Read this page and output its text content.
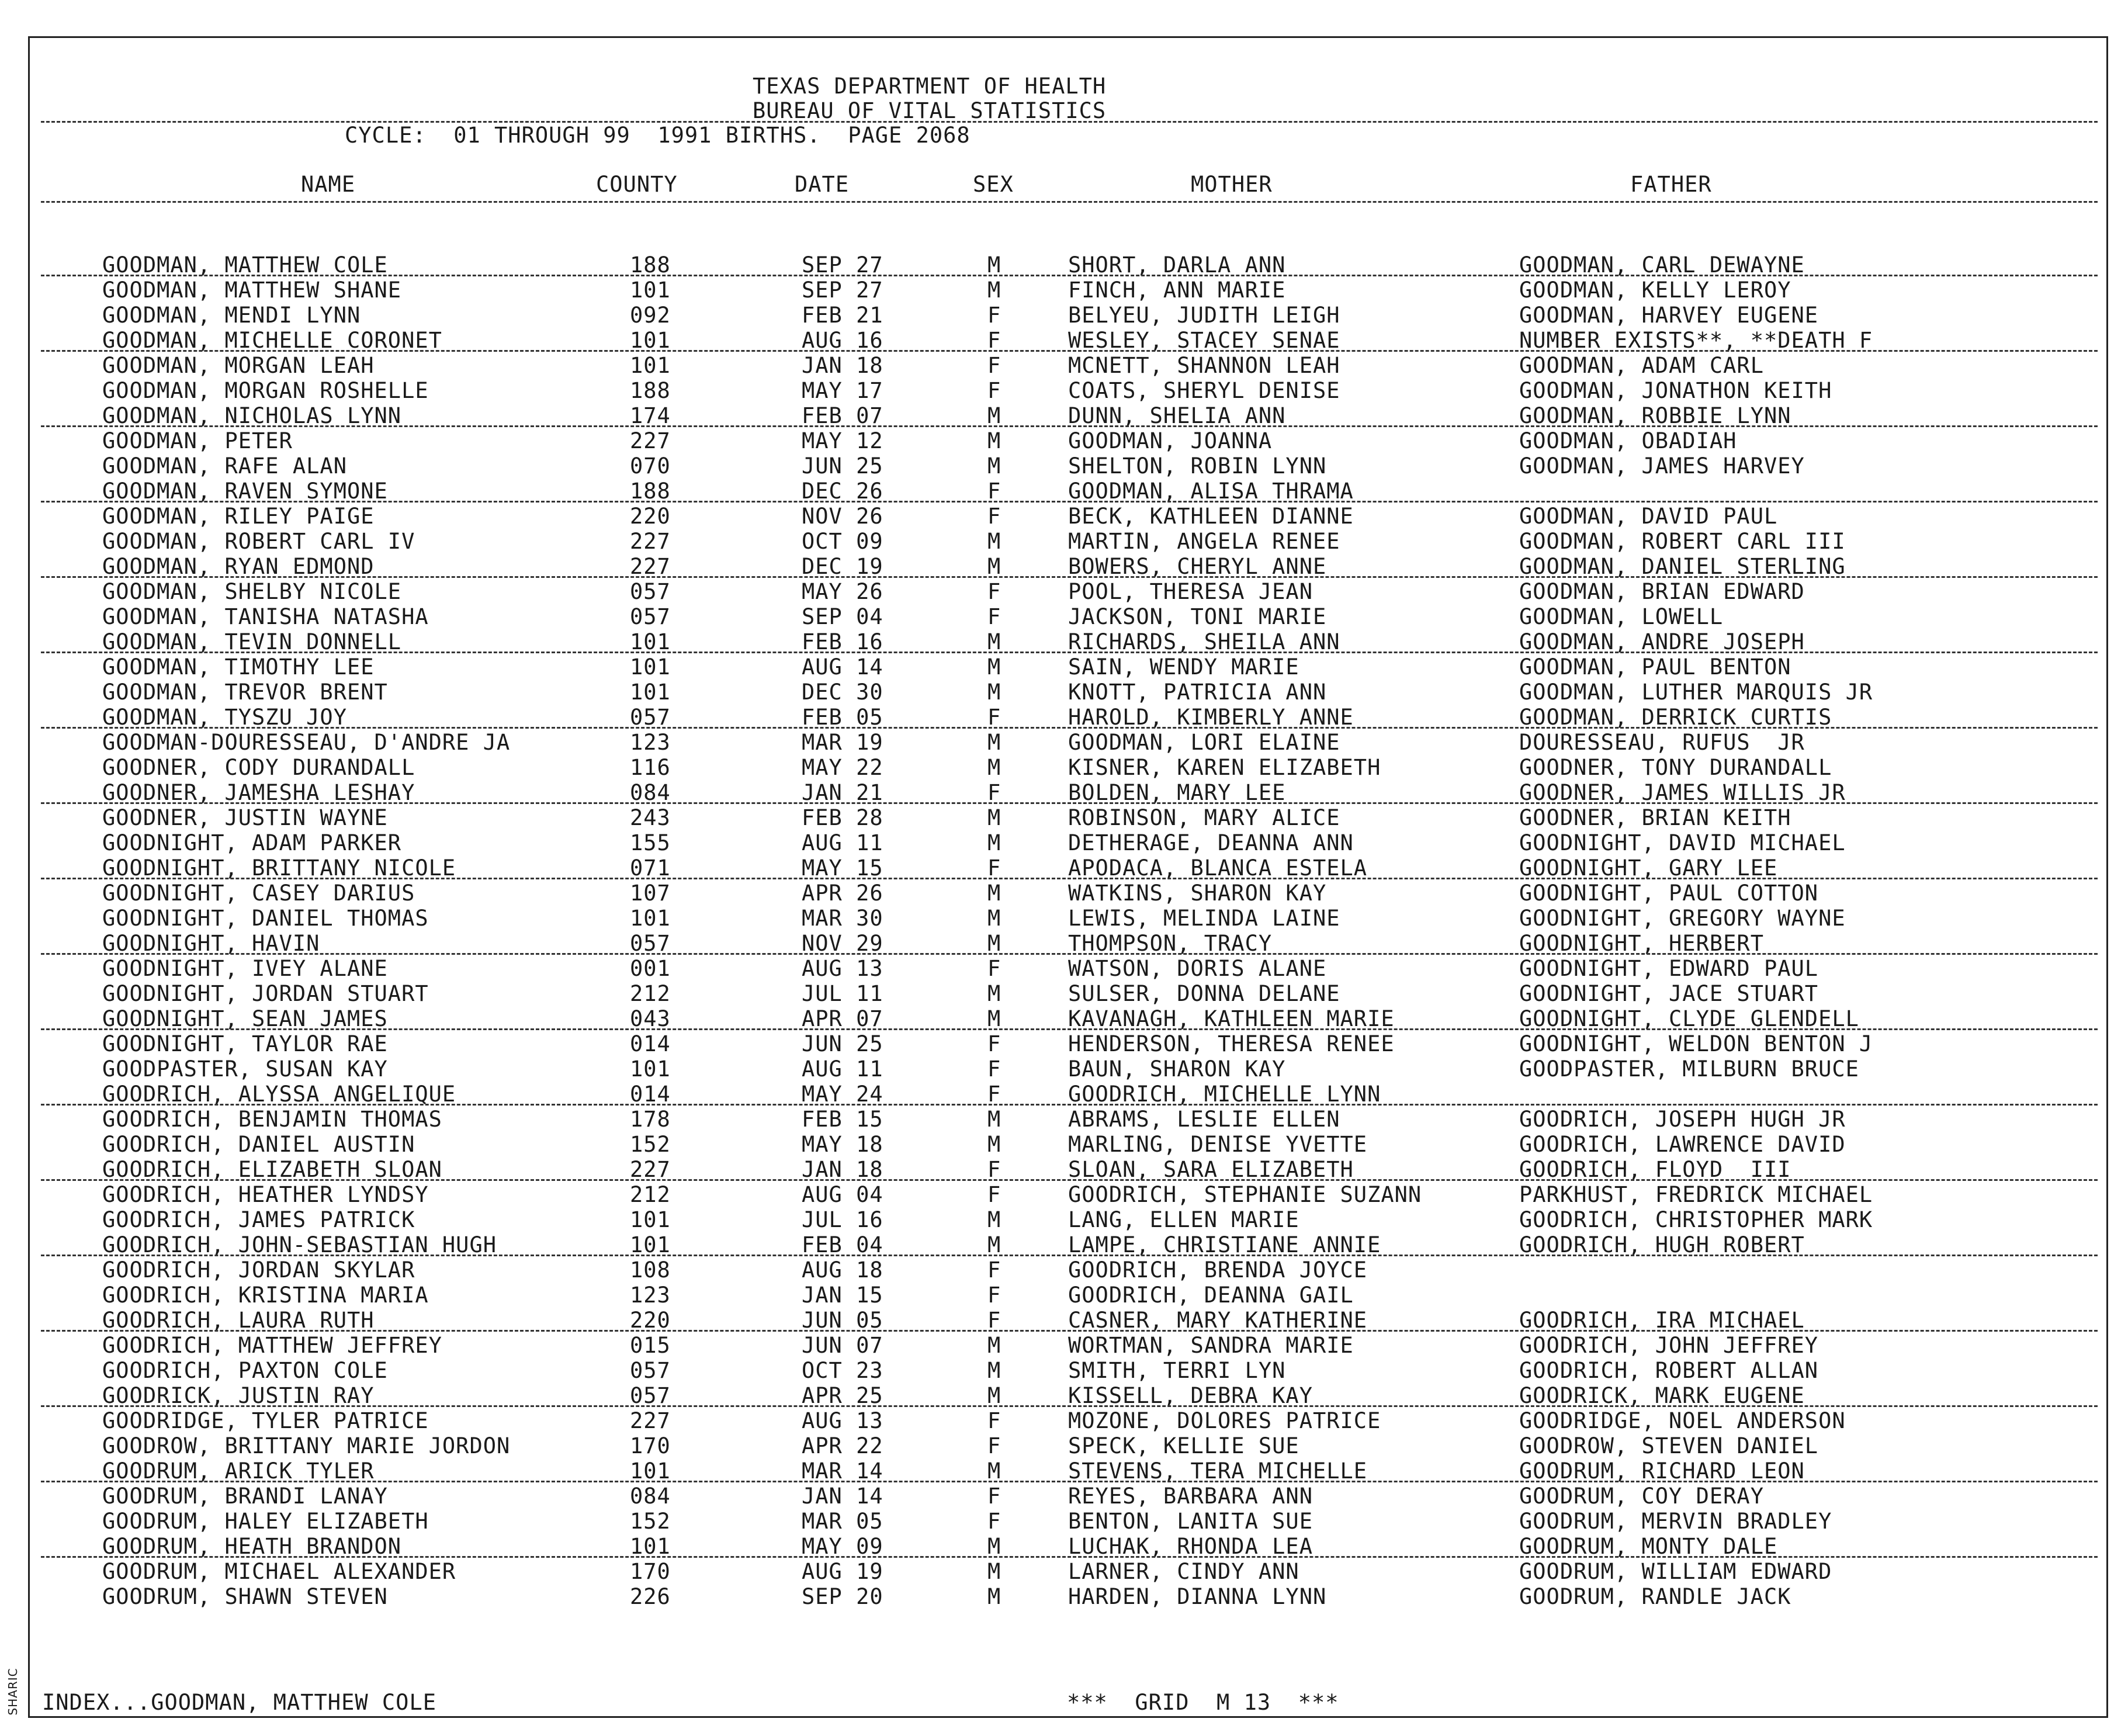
SHARIC
TEXAS DEPARTMENT OF HEALTH
BUREAU OF VITAL STATISTICS
CYCLE:  01 THROUGH 99  1991 BIRTHS.  PAGE 2068
NAME	COUNTY	DATE	SEX	MOTHER	FATHER
GOODMAN, MATTHEW COLE	188	SEP 27	M	SHORT, DARLA ANN	GOODMAN, CARL DEWAYNE
GOODMAN, MATTHEW SHANE	101	SEP 27	M	FINCH, ANN MARIE	GOODMAN, KELLY LEROY
GOODMAN, MENDI LYNN	092	FEB 21	F	BELYEU, JUDITH LEIGH	GOODMAN, HARVEY EUGENE
GOODMAN, MICHELLE CORONET	101	AUG 16	F	WESLEY, STACEY SENAE	NUMBER EXISTS**, **DEATH F
GOODMAN, MORGAN LEAH	101	JAN 18	F	MCNETT, SHANNON LEAH	GOODMAN, ADAM CARL
GOODMAN, MORGAN ROSHELLE	188	MAY 17	F	COATS, SHERYL DENISE	GOODMAN, JONATHON KEITH
GOODMAN, NICHOLAS LYNN	174	FEB 07	M	DUNN, SHELIA ANN	GOODMAN, ROBBIE LYNN
GOODMAN, PETER	227	MAY 12	M	GOODMAN, JOANNA	GOODMAN, OBADIAH
GOODMAN, RAFE ALAN	070	JUN 25	M	SHELTON, ROBIN LYNN	GOODMAN, JAMES HARVEY
GOODMAN, RAVEN SYMONE	188	DEC 26	F	GOODMAN, ALISA THRAMA
GOODMAN, RILEY PAIGE	220	NOV 26	F	BECK, KATHLEEN DIANNE	GOODMAN, DAVID PAUL
GOODMAN, ROBERT CARL IV	227	OCT 09	M	MARTIN, ANGELA RENEE	GOODMAN, ROBERT CARL III
GOODMAN, RYAN EDMOND	227	DEC 19	M	BOWERS, CHERYL ANNE	GOODMAN, DANIEL STERLING
GOODMAN, SHELBY NICOLE	057	MAY 26	F	POOL, THERESA JEAN	GOODMAN, BRIAN EDWARD
GOODMAN, TANISHA NATASHA	057	SEP 04	F	JACKSON, TONI MARIE	GOODMAN, LOWELL
GOODMAN, TEVIN DONNELL	101	FEB 16	M	RICHARDS, SHEILA ANN	GOODMAN, ANDRE JOSEPH
GOODMAN, TIMOTHY LEE	101	AUG 14	M	SAIN, WENDY MARIE	GOODMAN, PAUL BENTON
GOODMAN, TREVOR BRENT	101	DEC 30	M	KNOTT, PATRICIA ANN	GOODMAN, LUTHER MARQUIS JR
GOODMAN, TYSZU JOY	057	FEB 05	F	HAROLD, KIMBERLY ANNE	GOODMAN, DERRICK CURTIS
GOODMAN-DOURESSEAU, D'ANDRE JA	123	MAR 19	M	GOODMAN, LORI ELAINE	DOURESSEAU, RUFUS  JR
GOODNER, CODY DURANDALL	116	MAY 22	M	KISNER, KAREN ELIZABETH	GOODNER, TONY DURANDALL
GOODNER, JAMESHA LESHAY	084	JAN 21	F	BOLDEN, MARY LEE	GOODNER, JAMES WILLIS JR
GOODNER, JUSTIN WAYNE	243	FEB 28	M	ROBINSON, MARY ALICE	GOODNER, BRIAN KEITH
GOODNIGHT, ADAM PARKER	155	AUG 11	M	DETHERAGE, DEANNA ANN	GOODNIGHT, DAVID MICHAEL
GOODNIGHT, BRITTANY NICOLE	071	MAY 15	F	APODACA, BLANCA ESTELA	GOODNIGHT, GARY LEE
GOODNIGHT, CASEY DARIUS	107	APR 26	M	WATKINS, SHARON KAY	GOODNIGHT, PAUL COTTON
GOODNIGHT, DANIEL THOMAS	101	MAR 30	M	LEWIS, MELINDA LAINE	GOODNIGHT, GREGORY WAYNE
GOODNIGHT, HAVIN	057	NOV 29	M	THOMPSON, TRACY	GOODNIGHT, HERBERT
GOODNIGHT, IVEY ALANE	001	AUG 13	F	WATSON, DORIS ALANE	GOODNIGHT, EDWARD PAUL
GOODNIGHT, JORDAN STUART	212	JUL 11	M	SULSER, DONNA DELANE	GOODNIGHT, JACE STUART
GOODNIGHT, SEAN JAMES	043	APR 07	M	KAVANAGH, KATHLEEN MARIE	GOODNIGHT, CLYDE GLENDELL
GOODNIGHT, TAYLOR RAE	014	JUN 25	F	HENDERSON, THERESA RENEE	GOODNIGHT, WELDON BENTON J
GOODPASTER, SUSAN KAY	101	AUG 11	F	BAUN, SHARON KAY	GOODPASTER, MILBURN BRUCE
GOODRICH, ALYSSA ANGELIQUE	014	MAY 24	F	GOODRICH, MICHELLE LYNN
GOODRICH, BENJAMIN THOMAS	178	FEB 15	M	ABRAMS, LESLIE ELLEN	GOODRICH, JOSEPH HUGH JR
GOODRICH, DANIEL AUSTIN	152	MAY 18	M	MARLING, DENISE YVETTE	GOODRICH, LAWRENCE DAVID
GOODRICH, ELIZABETH SLOAN	227	JAN 18	F	SLOAN, SARA ELIZABETH	GOODRICH, FLOYD  III
GOODRICH, HEATHER LYNDSY	212	AUG 04	F	GOODRICH, STEPHANIE SUZANN	PARKHUST, FREDRICK MICHAEL
GOODRICH, JAMES PATRICK	101	JUL 16	M	LANG, ELLEN MARIE	GOODRICH, CHRISTOPHER MARK
GOODRICH, JOHN-SEBASTIAN HUGH	101	FEB 04	M	LAMPE, CHRISTIANE ANNIE	GOODRICH, HUGH ROBERT
GOODRICH, JORDAN SKYLAR	108	AUG 18	F	GOODRICH, BRENDA JOYCE
GOODRICH, KRISTINA MARIA	123	JAN 15	F	GOODRICH, DEANNA GAIL
GOODRICH, LAURA RUTH	220	JUN 05	F	CASNER, MARY KATHERINE	GOODRICH, IRA MICHAEL
GOODRICH, MATTHEW JEFFREY	015	JUN 07	M	WORTMAN, SANDRA MARIE	GOODRICH, JOHN JEFFREY
GOODRICH, PAXTON COLE	057	OCT 23	M	SMITH, TERRI LYN	GOODRICH, ROBERT ALLAN
GOODRICK, JUSTIN RAY	057	APR 25	M	KISSELL, DEBRA KAY	GOODRICK, MARK EUGENE
GOODRIDGE, TYLER PATRICE	227	AUG 13	F	MOZONE, DOLORES PATRICE	GOODRIDGE, NOEL ANDERSON
GOODROW, BRITTANY MARIE JORDON	170	APR 22	F	SPECK, KELLIE SUE	GOODROW, STEVEN DANIEL
GOODRUM, ARICK TYLER	101	MAR 14	M	STEVENS, TERA MICHELLE	GOODRUM, RICHARD LEON
GOODRUM, BRANDI LANAY	084	JAN 14	F	REYES, BARBARA ANN	GOODRUM, COY DERAY
GOODRUM, HALEY ELIZABETH	152	MAR 05	F	BENTON, LANITA SUE	GOODRUM, MERVIN BRADLEY
GOODRUM, HEATH BRANDON	101	MAY 09	M	LUCHAK, RHONDA LEA	GOODRUM, MONTY DALE
GOODRUM, MICHAEL ALEXANDER	170	AUG 19	M	LARNER, CINDY ANN	GOODRUM, WILLIAM EDWARD
GOODRUM, SHAWN STEVEN	226	SEP 20	M	HARDEN, DIANNA LYNN	GOODRUM, RANDLE JACK
INDEX...GOODMAN, MATTHEW COLE	***  GRID  M 13  ***
